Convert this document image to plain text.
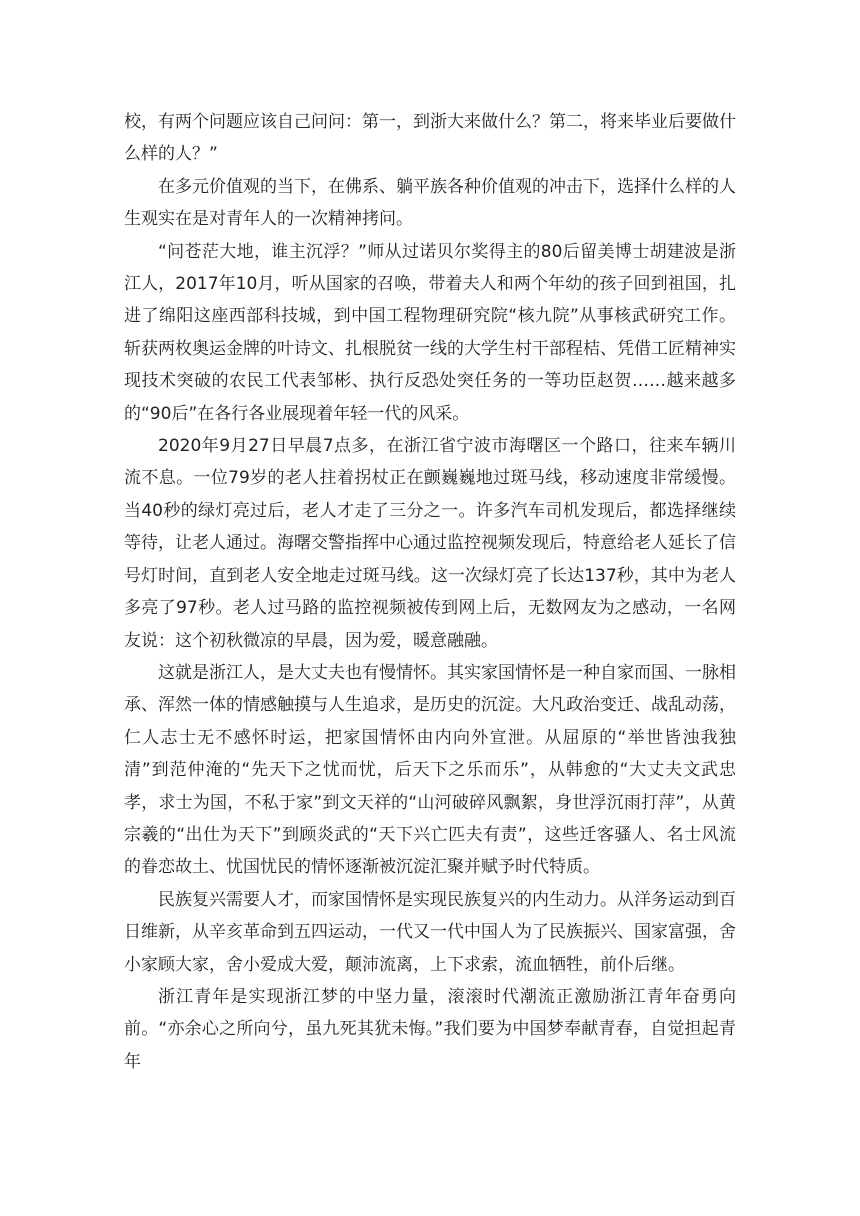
校，有两个问题应该自己问问：第一，到浙大来做什么？第二，将来毕业后要做什么样的人？”

在多元价值观的当下，在佛系、躺平族各种价值观的冲击下，选择什么样的人生观实在是对青年人的一次精神拷问。

“问苍茫大地，谁主沉浮？”师从过诺贝尔奖得主的80后留美博士胡建波是浙江人，2017年10月，听从国家的召唤，带着夫人和两个年幼的孩子回到祖国，扎进了绵阳这座西部科技城，到中国工程物理研究院“核九院”从事核武研究工作。斩获两枚奥运金牌的叶诗文、扎根脱贫一线的大学生村干部程桔、凭借工匠精神实现技术突破的农民工代表邹彬、执行反恐处突任务的一等功臣赵贺……越来越多的“90后”在各行各业展现着年轻一代的风采。

2020年9月27日早晨7点多，在浙江省宁波市海曙区一个路口，往来车辆川流不息。一位79岁的老人拄着拐杖正在颤巍巍地过斑马线，移动速度非常缓慢。当40秒的绿灯亮过后，老人才走了三分之一。许多汽车司机发现后，都选择继续等待，让老人通过。海曙交警指挥中心通过监控视频发现后，特意给老人延长了信号灯时间，直到老人安全地走过斑马线。这一次绿灯亮了长达137秒，其中为老人多亮了97秒。老人过马路的监控视频被传到网上后，无数网友为之感动，一名网友说：这个初秋微凉的早晨，因为爱，暖意融融。

这就是浙江人，是大丈夫也有慢情怀。其实家国情怀是一种自家而国、一脉相承、浑然一体的情感触摸与人生追求，是历史的沉淀。大凡政治变迁、战乱动荡，仁人志士无不感怀时运，把家国情怀由内向外宣泄。从屈原的“举世皆浊我独清”到范仲淹的“先天下之忧而忧，后天下之乐而乐”，从韩愈的“大丈夫文武忠孝，求士为国，不私于家”到文天祥的“山河破碎风飘絮，身世浮沉雨打萍”，从黄宗羲的“出仕为天下”到顾炎武的“天下兴亡匹夫有责”，这些迁客骚人、名士风流的眷恋故土、忧国忧民的情怀逐渐被沉淀汇聚并赋予时代特质。

民族复兴需要人才，而家国情怀是实现民族复兴的内生动力。从洋务运动到百日维新，从辛亥革命到五四运动，一代又一代中国人为了民族振兴、国家富强，舍小家顾大家，舍小爱成大爱，颠沛流离，上下求索，流血牺牲，前仆后继。

浙江青年是实现浙江梦的中坚力量，滚滚时代潮流正激励浙江青年奋勇向前。“亦余心之所向兮，虽九死其犹未悔。”我们要为中国梦奉献青春，自觉担起青年
